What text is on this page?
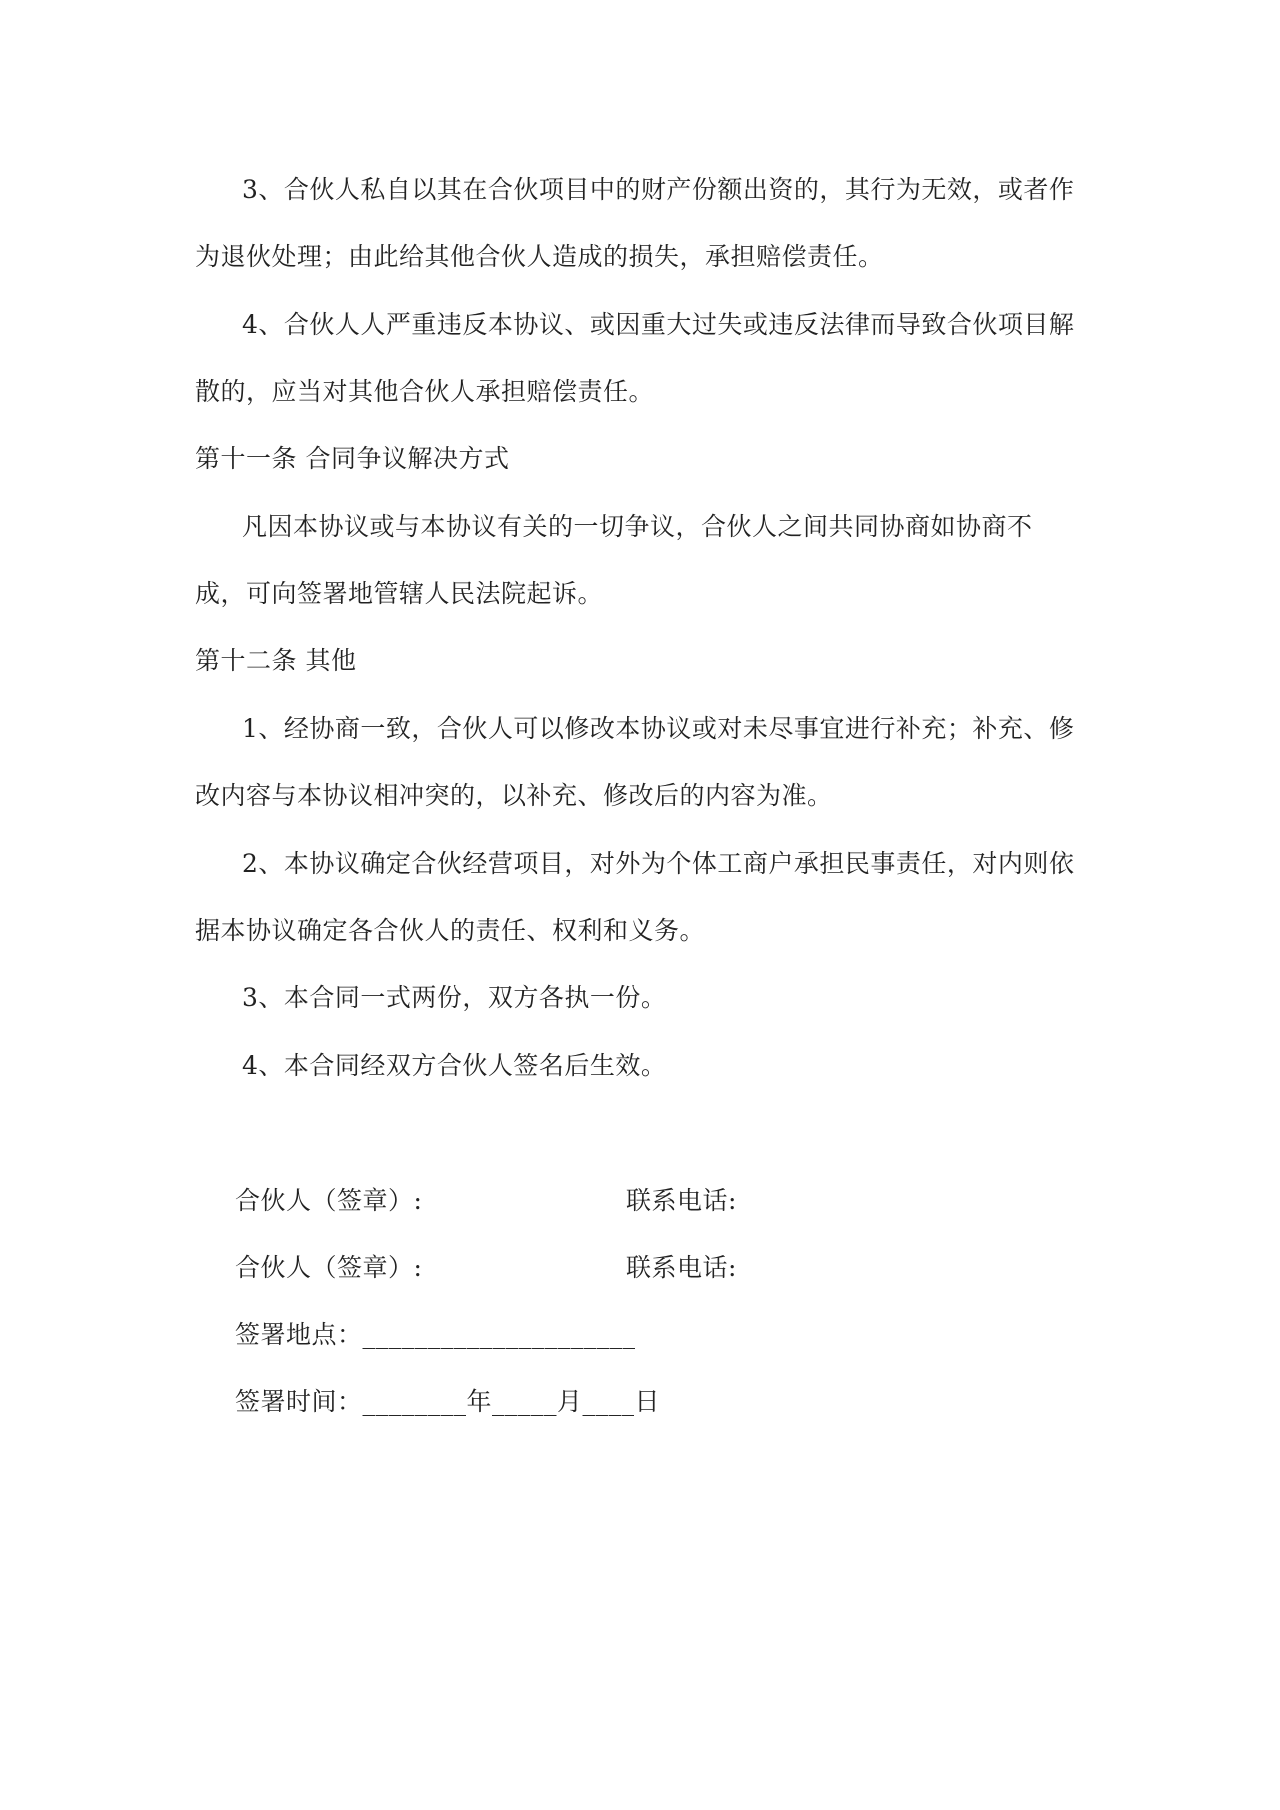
3、合伙人私自以其在合伙项目中的财产份额出资的，其行为无效，或者作
为退伙处理；由此给其他合伙人造成的损失，承担赔偿责任。
4、合伙人人严重违反本协议、或因重大过失或违反法律而导致合伙项目解
散的，应当对其他合伙人承担赔偿责任。
第十一条 合同争议解决方式
凡因本协议或与本协议有关的一切争议，合伙人之间共同协商如协商不
成，可向签署地管辖人民法院起诉。
第十二条 其他
1、经协商一致，合伙人可以修改本协议或对未尽事宜进行补充；补充、修
改内容与本协议相冲突的，以补充、修改后的内容为准。
2、本协议确定合伙经营项目，对外为个体工商户承担民事责任，对内则依
据本协议确定各合伙人的责任、权利和义务。
3、本合同一式两份，双方各执一份。
4、本合同经双方合伙人签名后生效。
合伙人（签章）:	联系电话:
合伙人（签章）:	联系电话:
签署地点：_____________________
签署时间：________年_____月____日
